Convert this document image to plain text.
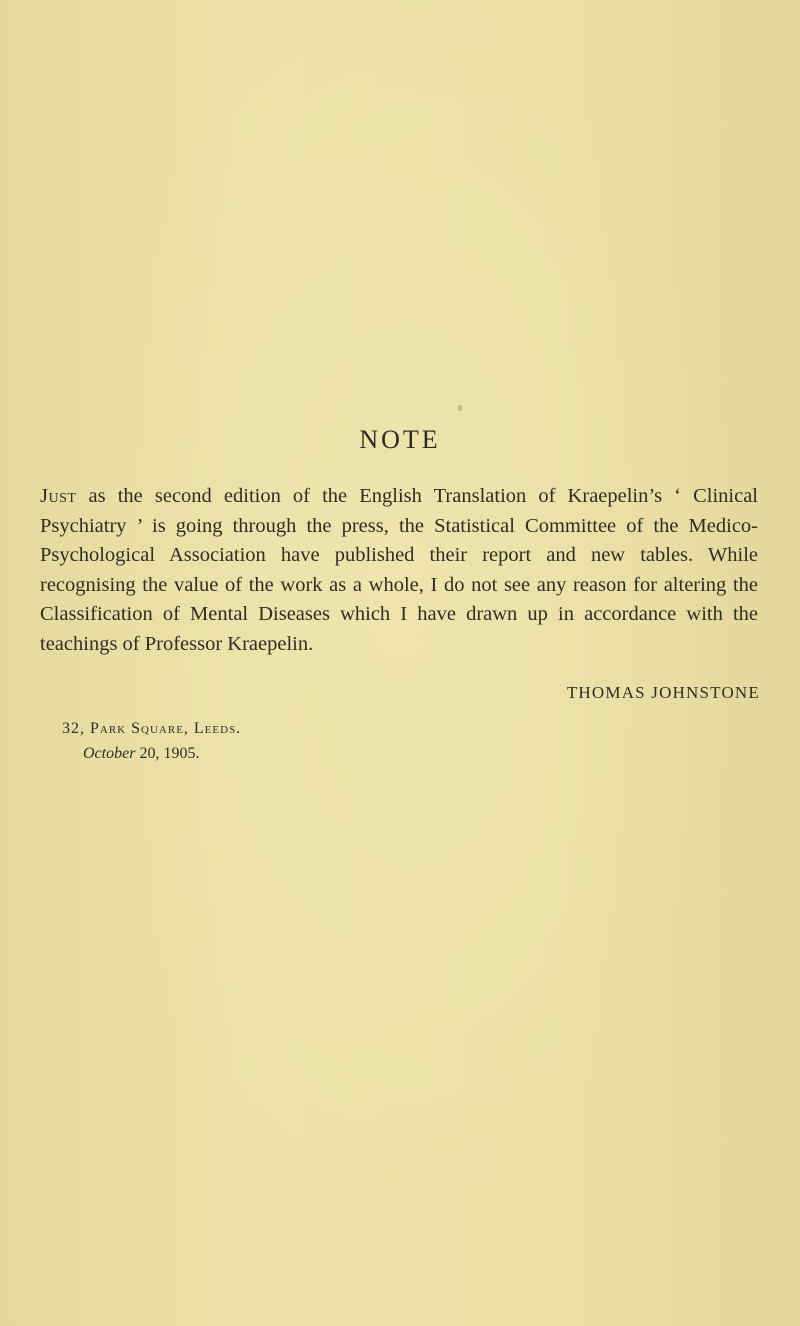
NOTE
Just as the second edition of the English Translation of Kraepelin’s ‘ Clinical Psychiatry ’ is going through the press, the Statistical Committee of the Medico-Psychological Association have published their report and new tables. While recognising the value of the work as a whole, I do not see any reason for altering the Classification of Mental Diseases which I have drawn up in accordance with the teachings of Professor Kraepelin.
THOMAS JOHNSTONE
32, Park Square, Leeds.
October 20, 1905.
